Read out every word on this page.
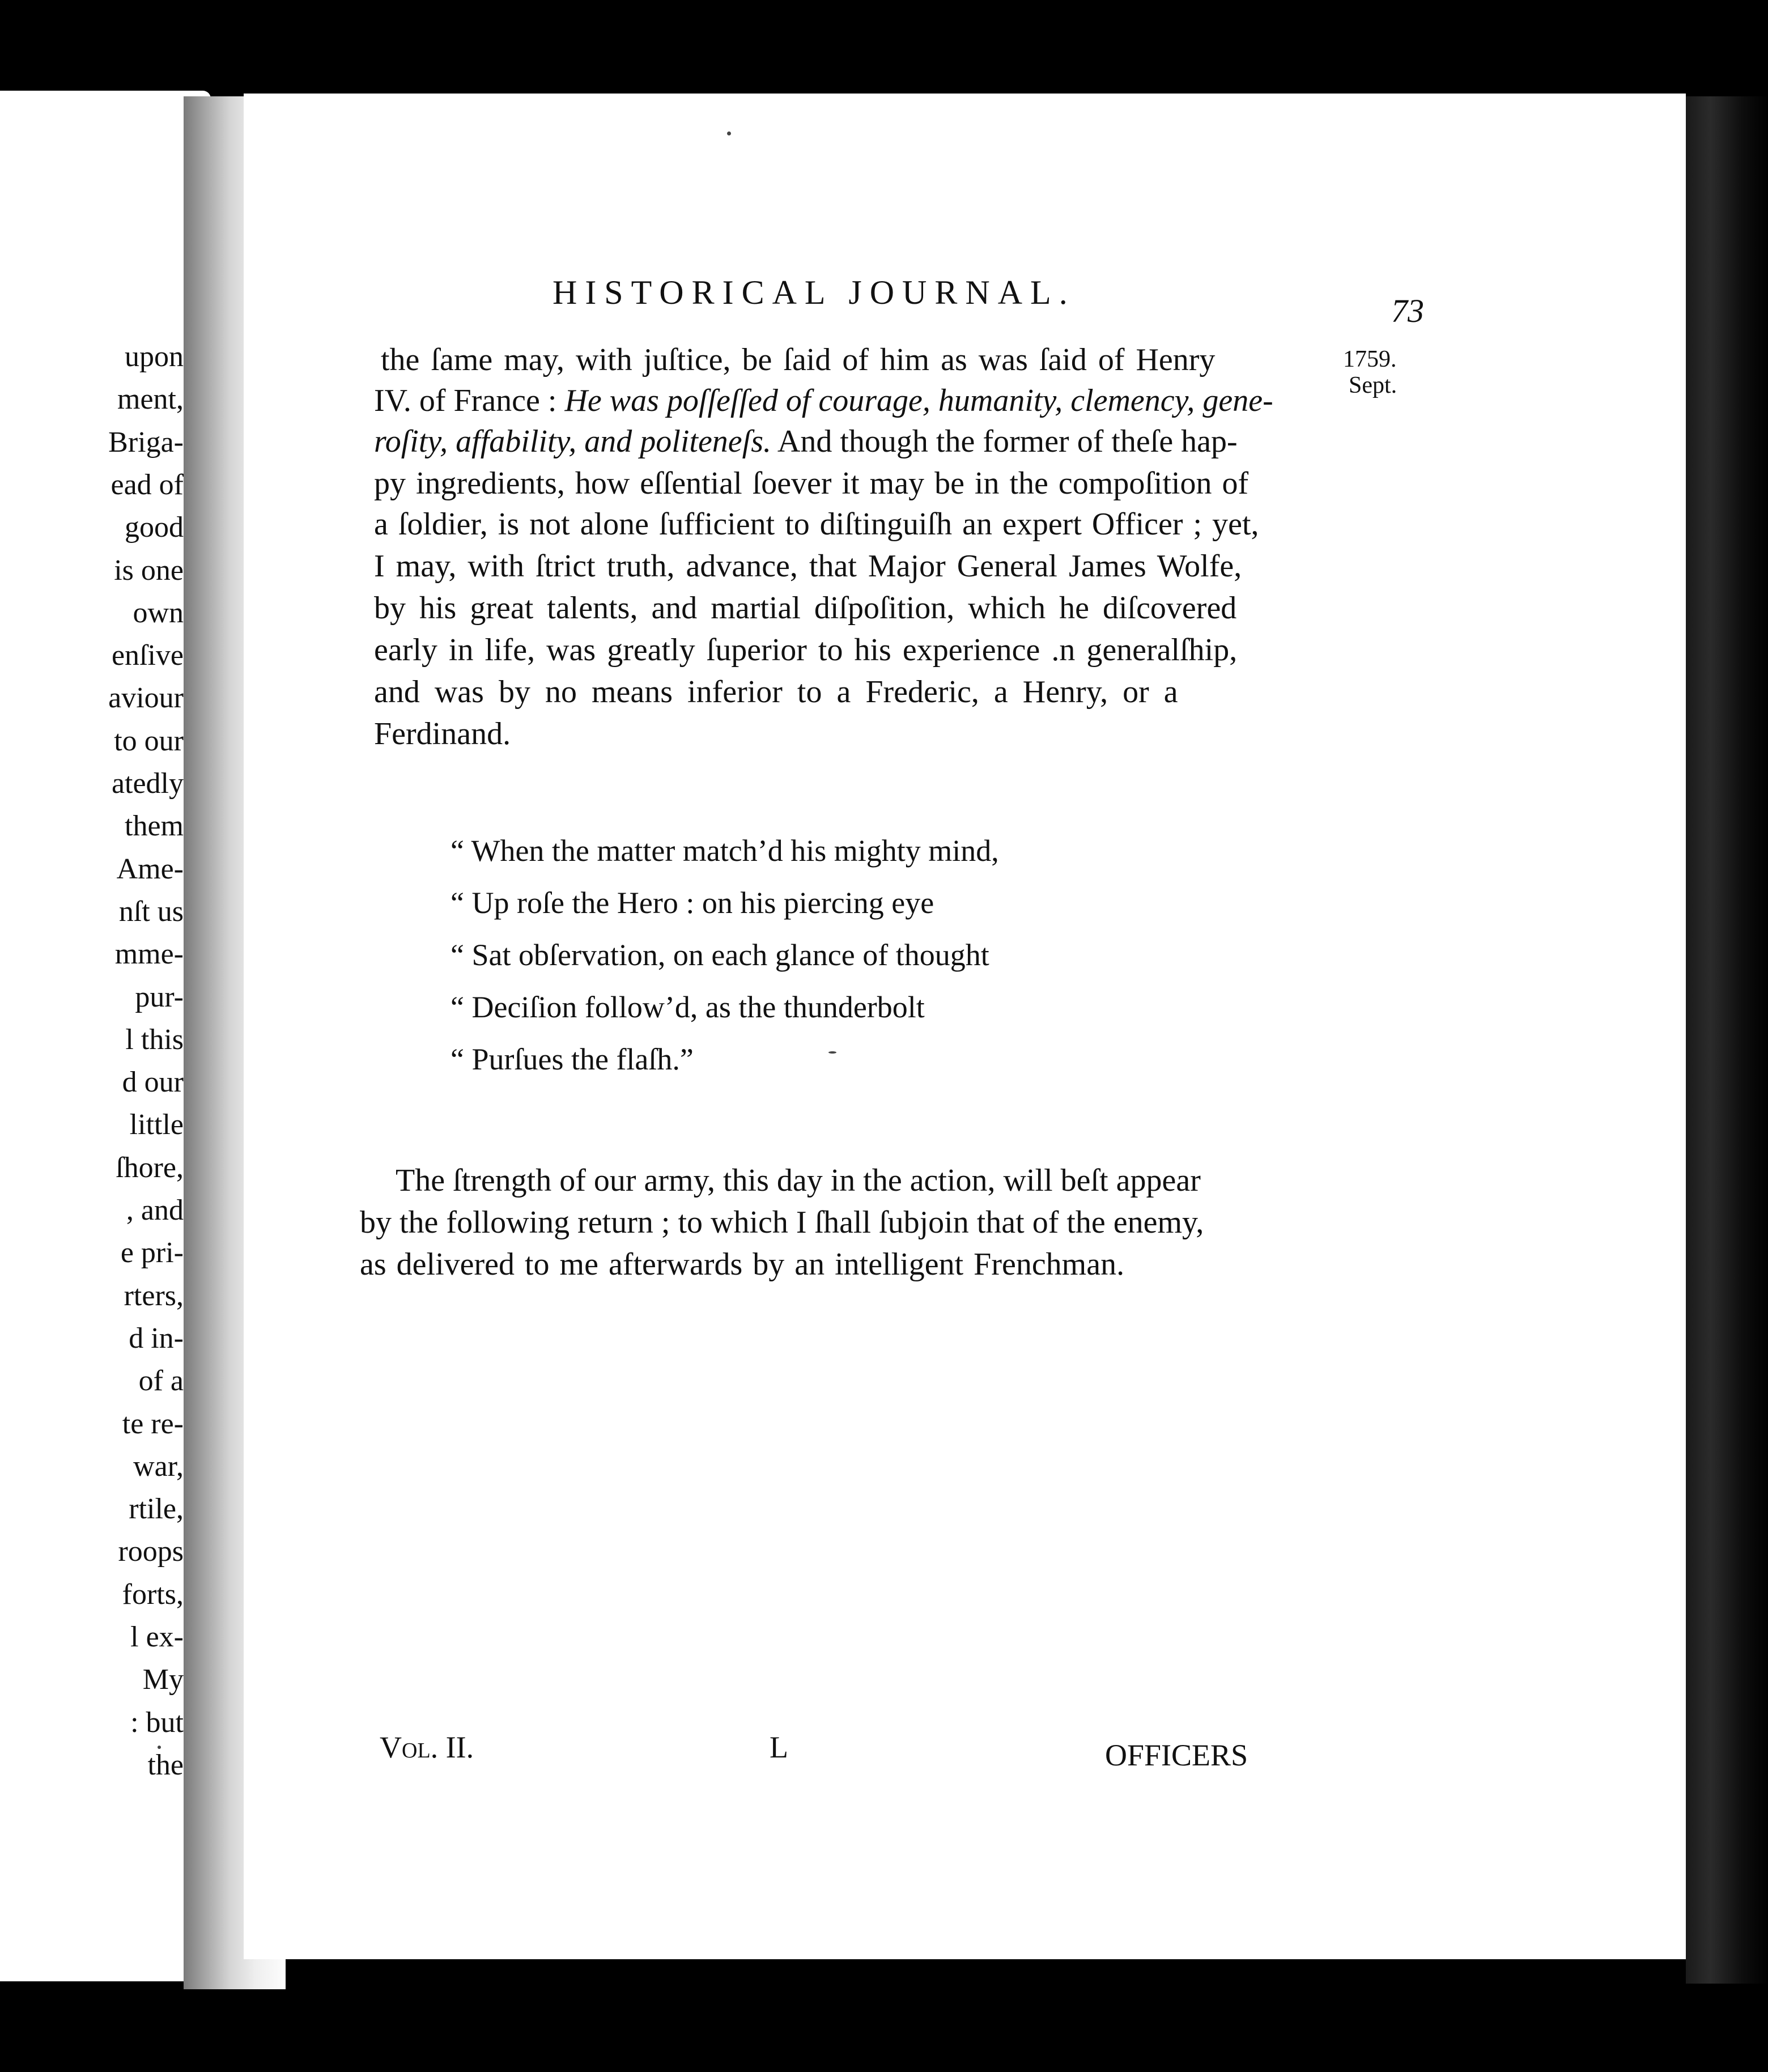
upon
ment,
Briga-
ead of
good
is one
own
enſive
aviour
to our
atedly
them
Ame-
nſt us
mme-
pur-
l this
d our
little
ſhore,
, and
e pri-
rters,
d in-
of a
te re-
war,
rtile,
roops
forts,
l ex-
My
: but
the
HISTORICAL JOURNAL.	73
1759.
Sept.
the ſame may, with juſtice, be ſaid of him as was ſaid of Henry
IV. of France : He was poſſeſſed of courage, humanity, clemency, gene-
roſity, affability, and politeneſs. And though the former of theſe hap-
py ingredients, how eſſential ſoever it may be in the compoſition of
a ſoldier, is not alone ſufficient to diſtinguiſh an expert Officer ; yet,
I may, with ſtrict truth, advance, that Major General James Wolfe,
by his great talents, and martial diſpoſition, which he diſcovered
early in life, was greatly ſuperior to his experience .n generalſhip,
and was by no means inferior to a Frederic, a Henry, or a
Ferdinand.
“ When the matter match’d his mighty mind,
“ Up roſe the Hero : on his piercing eye
“ Sat obſervation, on each glance of thought
“ Deciſion follow’d, as the thunderbolt
“ Purſues the flaſh.”
The ſtrength of our army, this day in the action, will beſt appear
by the following return ; to which I ſhall ſubjoin that of the enemy,
as delivered to me afterwards by an intelligent Frenchman.
Vol. II.	L	OFFICERS
